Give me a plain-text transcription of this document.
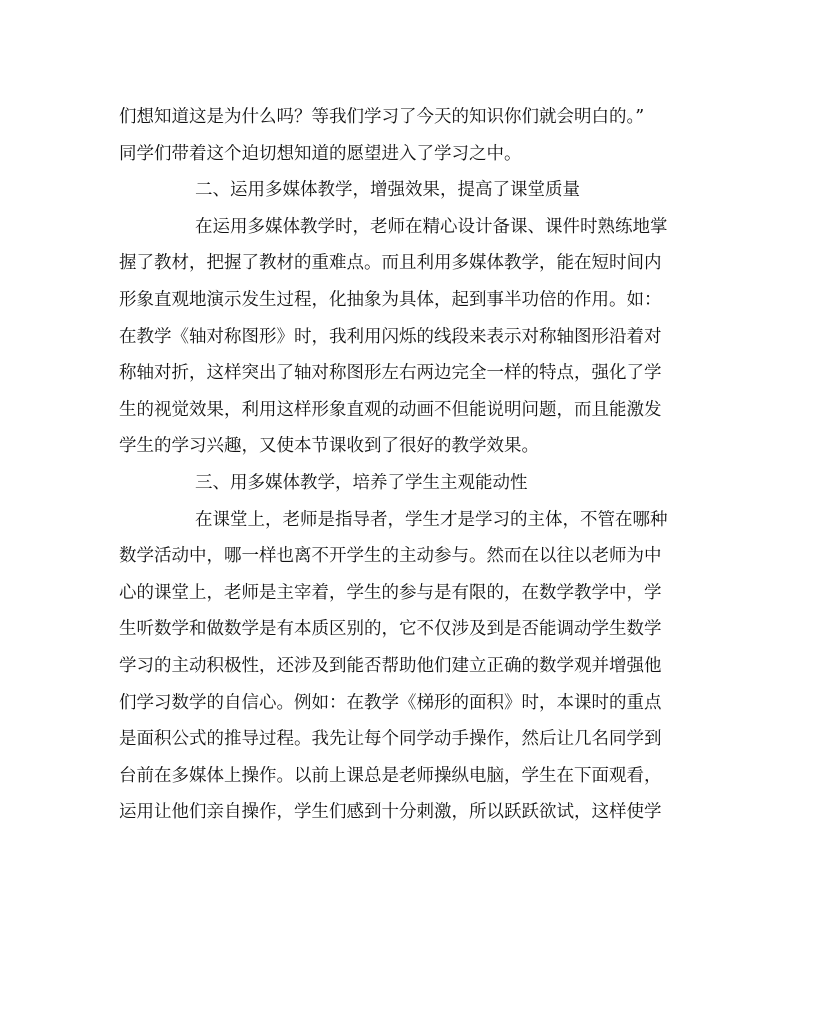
们想知道这是为什么吗？等我们学习了今天的知识你们就会明白的。”
同学们带着这个迫切想知道的愿望进入了学习之中。
二、运用多媒体教学，增强效果，提高了课堂质量
在运用多媒体教学时，老师在精心设计备课、课件时熟练地掌
握了教材，把握了教材的重难点。而且利用多媒体教学，能在短时间内
形象直观地演示发生过程，化抽象为具体，起到事半功倍的作用。如：
在教学《轴对称图形》时，我利用闪烁的线段来表示对称轴图形沿着对
称轴对折，这样突出了轴对称图形左右两边完全一样的特点，强化了学
生的视觉效果，利用这样形象直观的动画不但能说明问题，而且能激发
学生的学习兴趣，又使本节课收到了很好的教学效果。
三、用多媒体教学，培养了学生主观能动性
在课堂上，老师是指导者，学生才是学习的主体，不管在哪种
数学活动中，哪一样也离不开学生的主动参与。然而在以往以老师为中
心的课堂上，老师是主宰着，学生的参与是有限的，在数学教学中，学
生听数学和做数学是有本质区别的，它不仅涉及到是否能调动学生数学
学习的主动积极性，还涉及到能否帮助他们建立正确的数学观并增强他
们学习数学的自信心。例如：在教学《梯形的面积》时，本课时的重点
是面积公式的推导过程。我先让每个同学动手操作，然后让几名同学到
台前在多媒体上操作。以前上课总是老师操纵电脑，学生在下面观看，
运用让他们亲自操作，学生们感到十分刺激，所以跃跃欲试，这样使学
